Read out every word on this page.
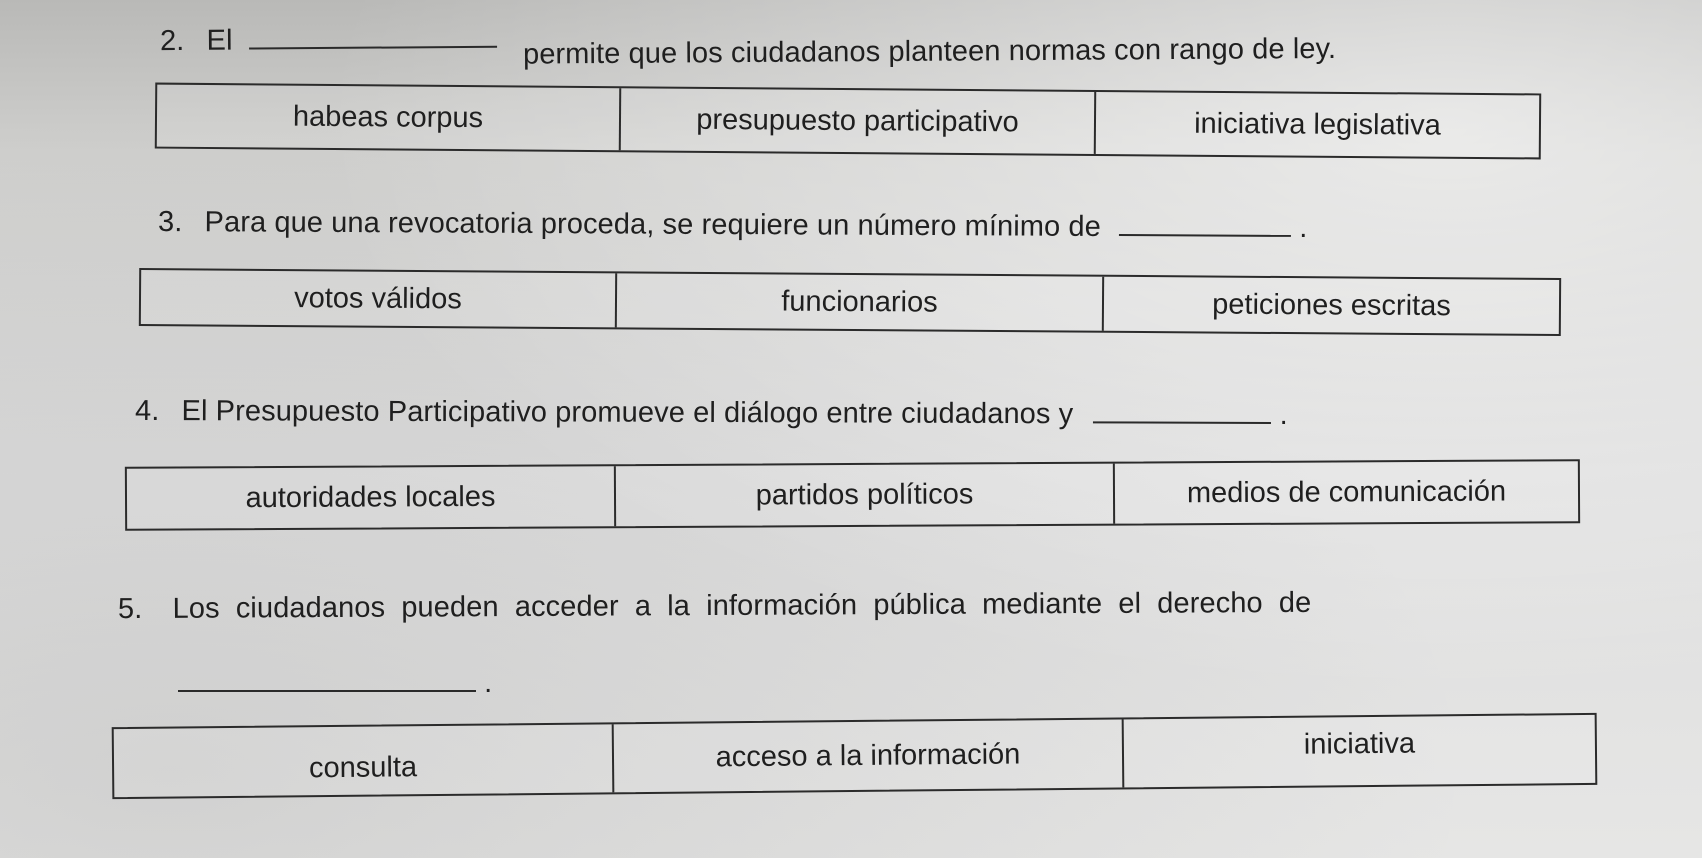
2. El	permite que los ciudadanos planteen normas con rango de ley.
habeas corpus	presupuesto participativo	iniciativa legislativa
3. Para que una revocatoria proceda, se requiere un número mínimo de	.
votos válidos	funcionarios	peticiones escritas
4. El Presupuesto Participativo promueve el diálogo entre ciudadanos y	.
autoridades locales	partidos políticos	medios de comunicación
5. Los ciudadanos pueden acceder a la información pública mediante el derecho de
.
consulta	acceso a la información	iniciativa
